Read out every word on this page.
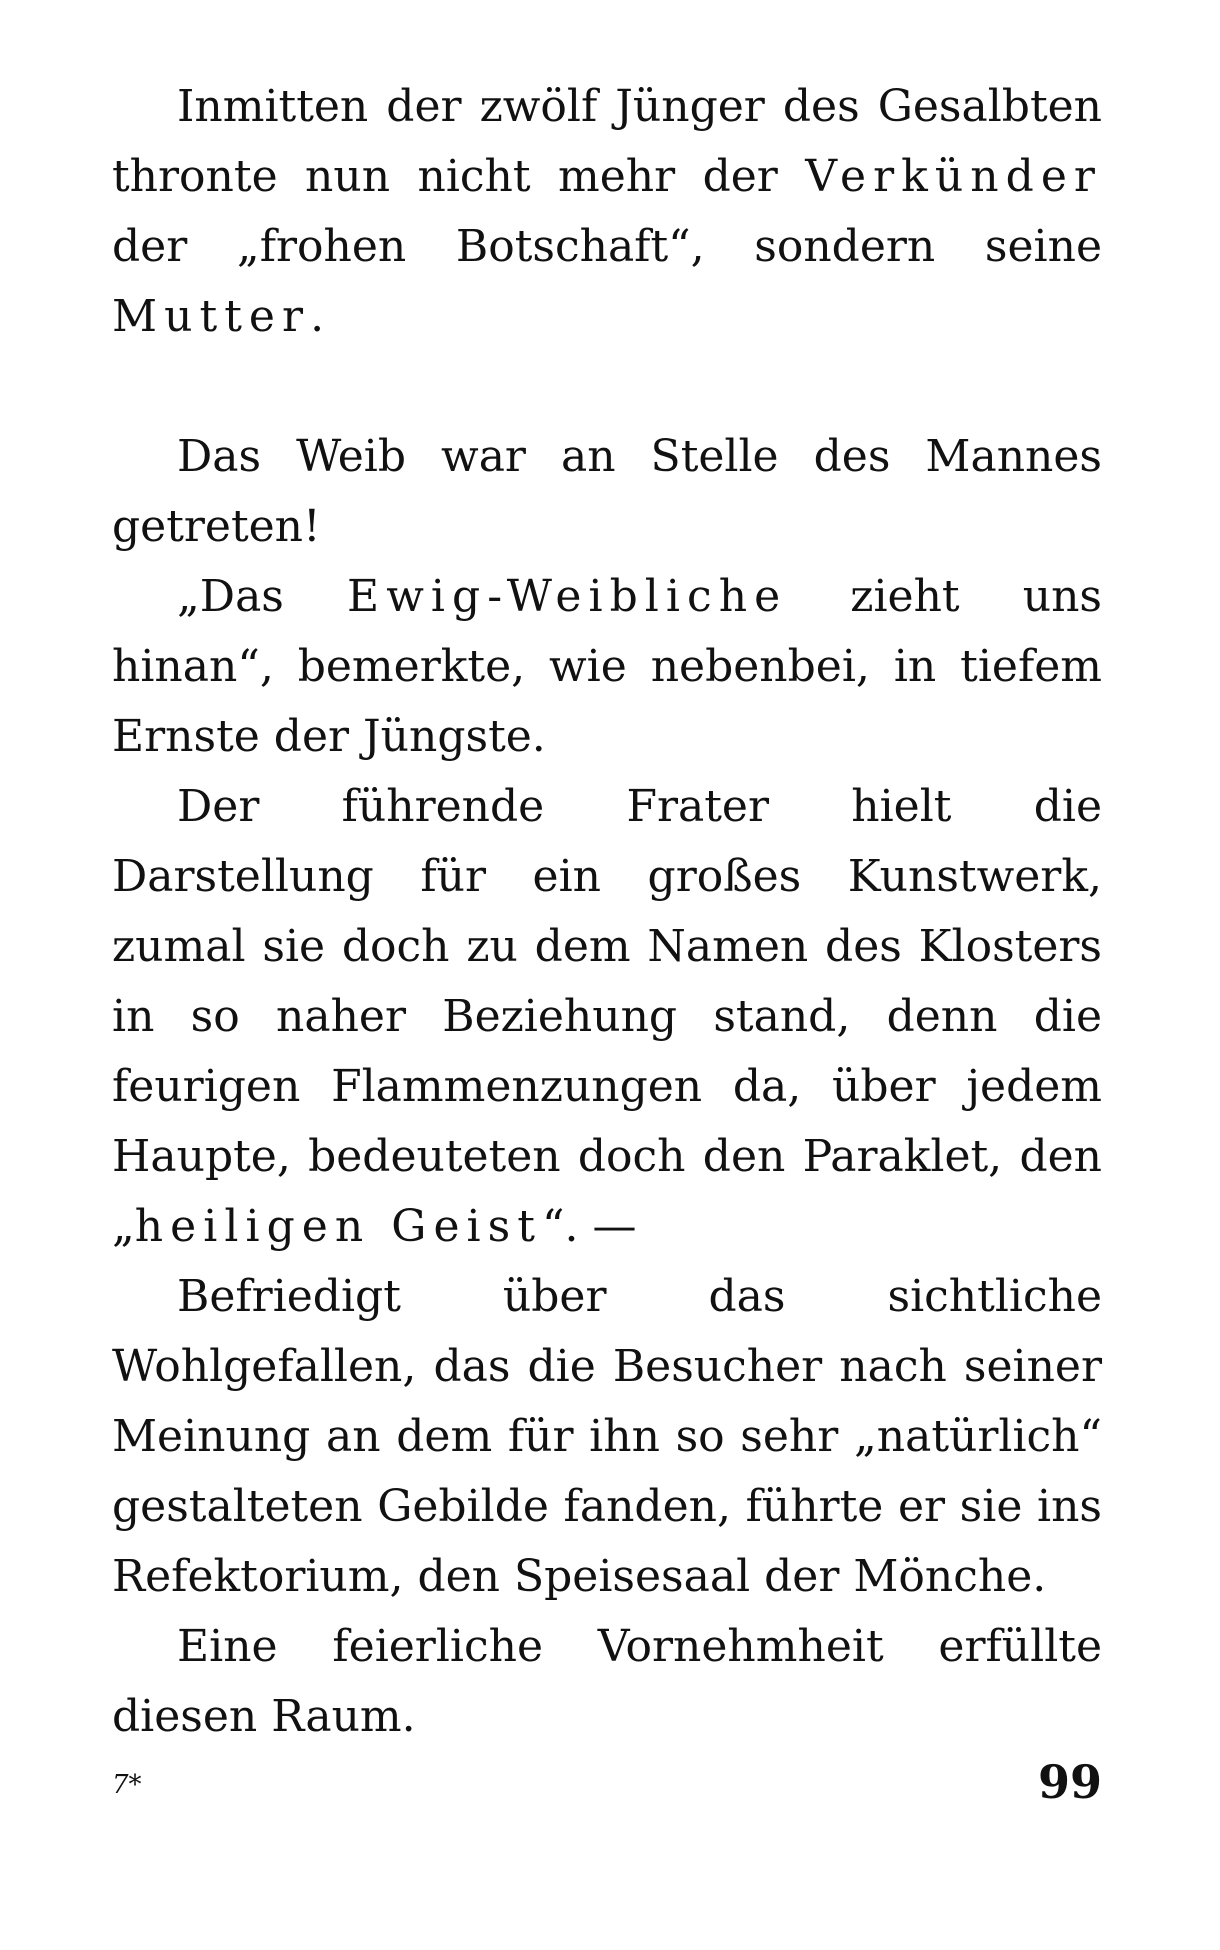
Inmitten der zwölf Jünger des Gesalbten thronte nun nicht mehr der Verkünder der „frohen Botschaft“, sondern seine Mutter.

Das Weib war an Stelle des Mannes getreten!

„Das Ewig-Weibliche zieht uns hinan“, bemerkte, wie nebenbei, in tiefem Ernste der Jüngste.

Der führende Frater hielt die Darstellung für ein großes Kunstwerk, zumal sie doch zu dem Namen des Klosters in so naher Beziehung stand, denn die feurigen Flammenzungen da, über jedem Haupte, bedeuteten doch den Paraklet, den „heiligen Geist“. —

Befriedigt über das sichtliche Wohlgefallen, das die Besucher nach seiner Meinung an dem für ihn so sehr „natürlich“ gestalteten Gebilde fanden, führte er sie ins Refektorium, den Speisesaal der Mönche.

Eine feierliche Vornehmheit erfüllte diesen Raum.

7*	99
